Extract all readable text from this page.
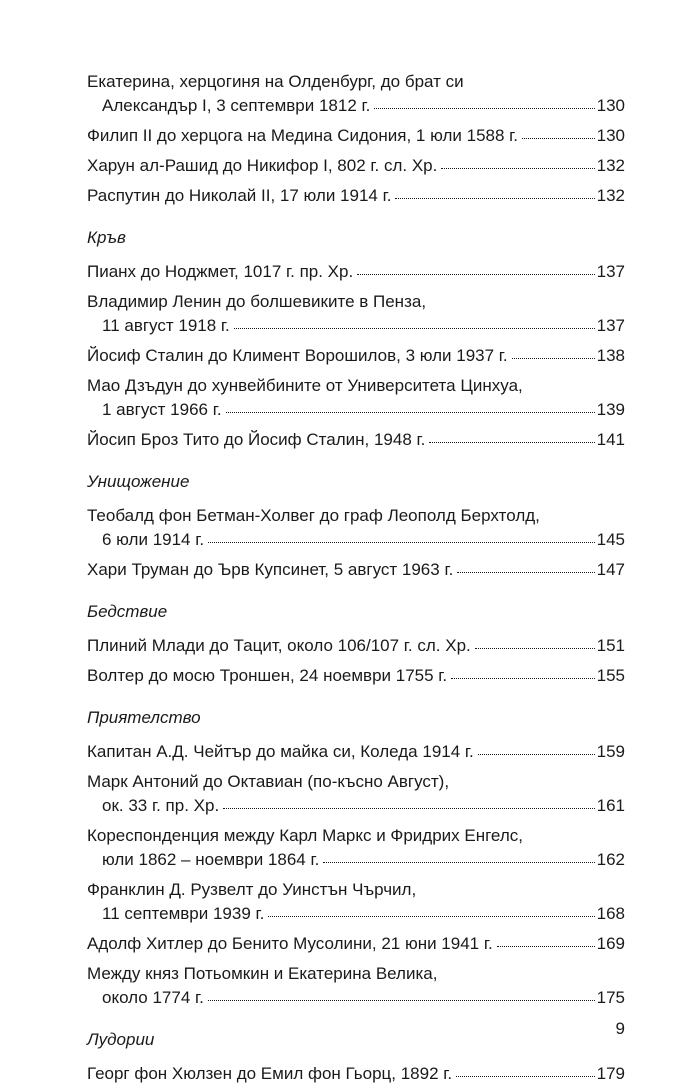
Екатерина, херцогиня на Олденбург, до брат си
Александър I, 3 септември 1812 г.	130
Филип II до херцога на Медина Сидония, 1 юли 1588 г.	130
Харун ал-Рашид до Никифор I, 802 г. сл. Хр.	132
Распутин до Николай II, 17 юли 1914 г.	132
Кръв
Пианх до Ноджмет, 1017 г. пр. Хр.	137
Владимир Ленин до болшевиките в Пенза,
11 август 1918 г.	137
Йосиф Сталин до Климент Ворошилов, 3 юли 1937 г.	138
Мао Дзъдун до хунвейбините от Университета Цинхуа,
1 август 1966 г.	139
Йосип Броз Тито до Йосиф Сталин, 1948 г.	141
Унищожение
Теобалд фон Бетман-Холвег до граф Леополд Берхтолд,
6 юли 1914 г.	145
Хари Труман до Ърв Купсинет, 5 август 1963 г.	147
Бедствие
Плиний Млади до Тацит, около 106/107 г. сл. Хр.	151
Волтер до мосю Троншен, 24 ноември 1755 г.	155
Приятелство
Капитан А.Д. Чейтър до майка си, Коледа 1914 г.	159
Марк Антоний до Октавиан (по-късно Август),
ок. 33 г. пр. Хр.	161
Кореспонденция между Карл Маркс и Фридрих Енгелс,
юли 1862 – ноември 1864 г.	162
Франклин Д. Рузвелт до Уинстън Чърчил,
11 септември 1939 г.	168
Адолф Хитлер до Бенито Мусолини, 21 юни 1941 г.	169
Между княз Потьомкин и Екатерина Велика,
около 1774 г.	175
Лудории
Георг фон Хюлзен до Емил фон Гьорц, 1892 г.	179
9
